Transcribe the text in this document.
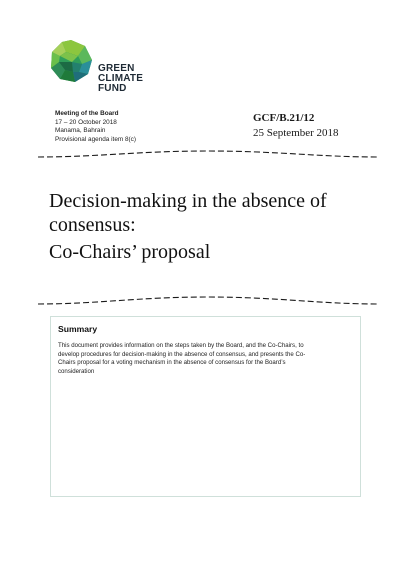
GREEN
CLIMATE
FUND
Meeting of the Board
17 – 20 October 2018
Manama, Bahrain
Provisional agenda item 8(c)
GCF/B.21/12
25 September 2018
Decision-making in the absence of
consensus:
Co-Chairs’ proposal
Summary
This document provides information on the steps taken by the Board, and the Co-Chairs, to
develop procedures for decision-making in the absence of consensus, and presents the Co-
Chairs proposal for a voting mechanism in the absence of consensus for the Board’s
consideration
